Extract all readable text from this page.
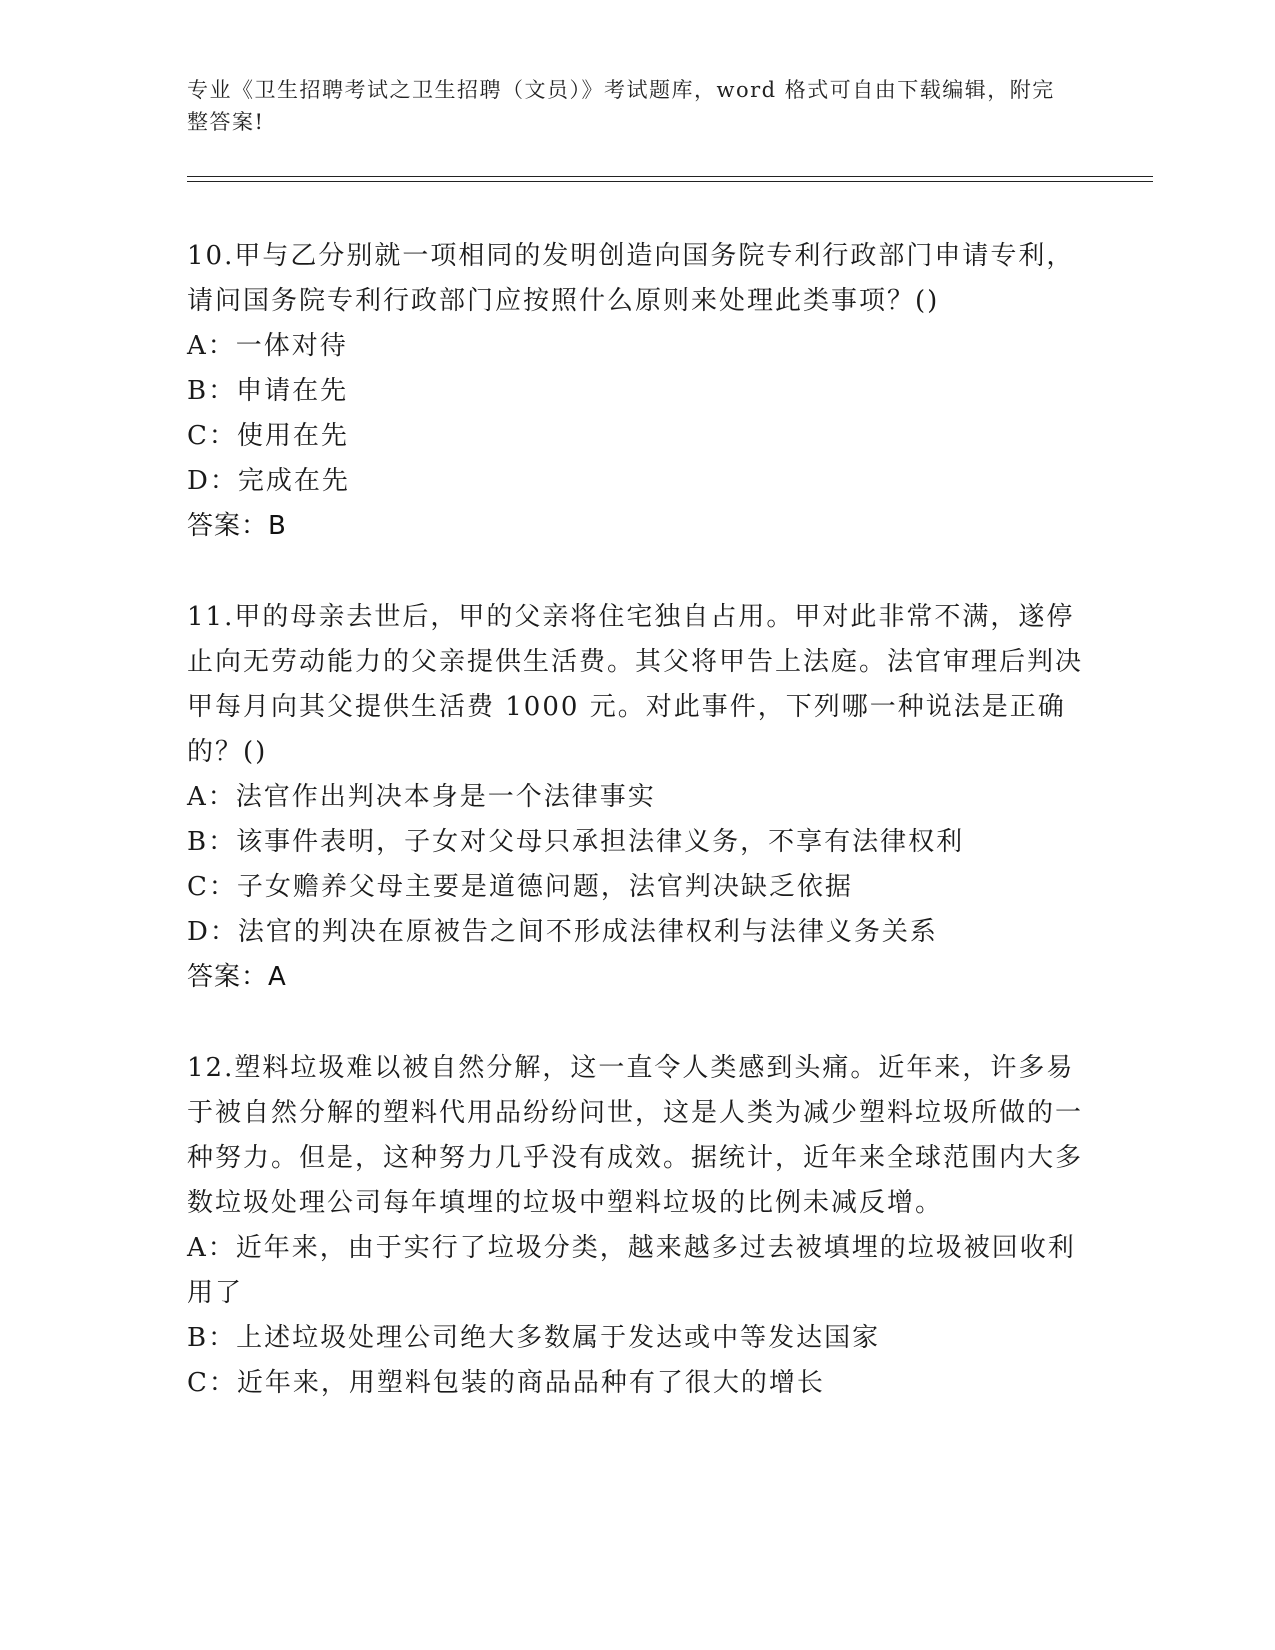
专业《卫生招聘考试之卫生招聘（文员）》考试题库，word 格式可自由下载编辑，附完整答案!
10.甲与乙分别就一项相同的发明创造向国务院专利行政部门申请专利，请问国务院专利行政部门应按照什么原则来处理此类事项？()
A：一体对待
B：申请在先
C：使用在先
D：完成在先
答案：B
11.甲的母亲去世后，甲的父亲将住宅独自占用。甲对此非常不满，遂停止向无劳动能力的父亲提供生活费。其父将甲告上法庭。法官审理后判决甲每月向其父提供生活费 1000 元。对此事件，下列哪一种说法是正确的？()
A：法官作出判决本身是一个法律事实
B：该事件表明，子女对父母只承担法律义务，不享有法律权利
C：子女赡养父母主要是道德问题，法官判决缺乏依据
D：法官的判决在原被告之间不形成法律权利与法律义务关系
答案：A
12.塑料垃圾难以被自然分解，这一直令人类感到头痛。近年来，许多易于被自然分解的塑料代用品纷纷问世，这是人类为减少塑料垃圾所做的一种努力。但是，这种努力几乎没有成效。据统计，近年来全球范围内大多数垃圾处理公司每年填埋的垃圾中塑料垃圾的比例未减反增。
A：近年来，由于实行了垃圾分类，越来越多过去被填埋的垃圾被回收利用了
B：上述垃圾处理公司绝大多数属于发达或中等发达国家
C：近年来，用塑料包装的商品品种有了很大的增长
